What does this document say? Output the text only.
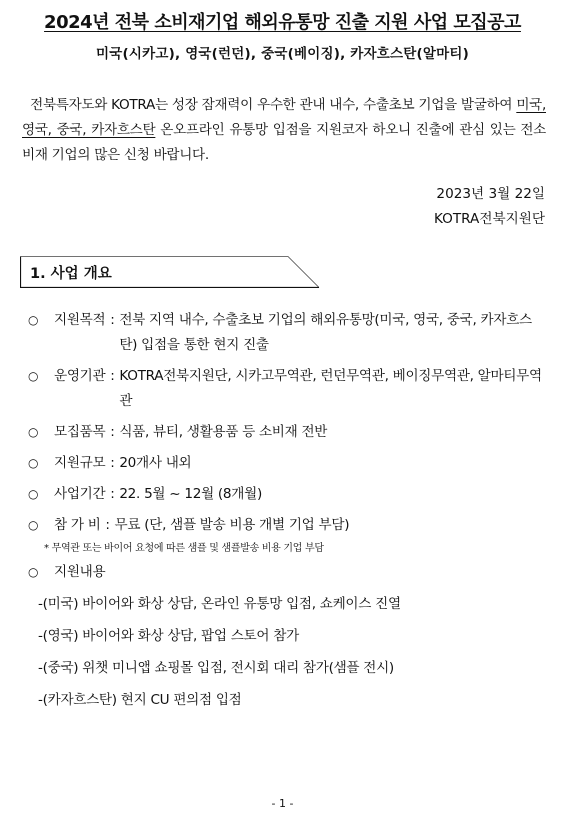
2024년 전북 소비재기업 해외유통망 진출 지원 사업 모집공고
미국(시카고), 영국(런던), 중국(베이징), 카자흐스탄(알마티)
전북특자도와 KOTRA는 성장 잠재력이 우수한 관내 내수, 수출초보 기업을 발굴하여 미국, 영국, 중국, 카자흐스탄 온오프라인 유통망 입점을 지원코자 하오니 진출에 관심 있는 전소비재 기업의 많은 신청 바랍니다.
2023년 3월 22일
KOTRA전북지원단
1. 사업 개요
○	지원목적 : 전북 지역 내수, 수출초보 기업의 해외유통망(미국, 영국, 중국, 카자흐스탄) 입점을 통한 현지 진출
○	운영기관 : KOTRA전북지원단, 시카고무역관, 런던무역관, 베이징무역관, 알마티무역관
○	모집품목 : 식품, 뷰티, 생활용품 등 소비재 전반
○	지원규모 : 20개사 내외
○	사업기간 : 22. 5월 ~ 12월 (8개월)
○	참 가 비 : 무료 (단, 샘플 발송 비용 개별 기업 부담)
* 무역관 또는 바이어 요청에 따른 샘플 및 샘플발송 비용 기업 부담
○	지원내용
-(미국) 바이어와 화상 상담, 온라인 유통망 입점, 쇼케이스 진열
-(영국) 바이어와 화상 상담, 팝업 스토어 참가
-(중국) 위챗 미니앱 쇼핑몰 입점, 전시회 대리 참가(샘플 전시)
-(카자흐스탄) 현지 CU 편의점 입점
- 1 -
